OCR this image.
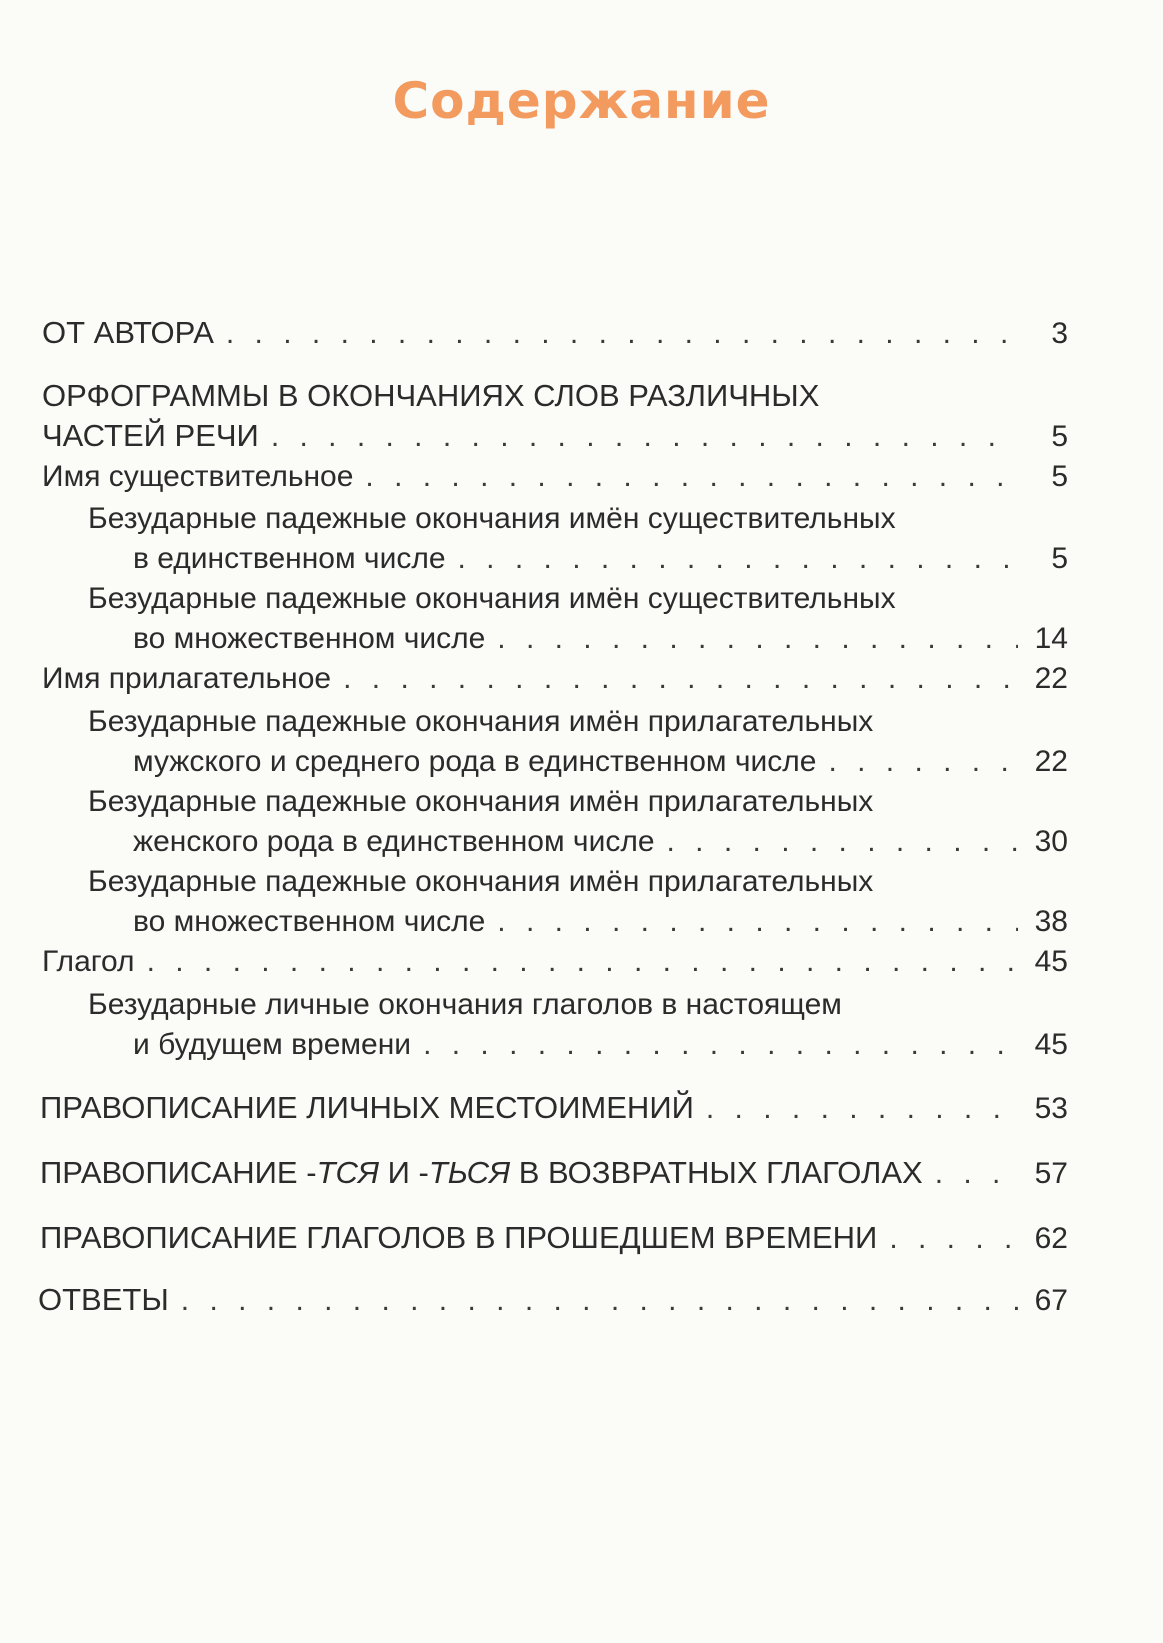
Содержание
ОТ АВТОРА . . .	3
ОРФОГРАММЫ В ОКОНЧАНИЯХ СЛОВ РАЗЛИЧНЫХ
ЧАСТЕЙ РЕЧИ . . .	5
Имя существительное . . .	5
Безударные падежные окончания имён существительных
в единственном числе . . .	5
Безударные падежные окончания имён существительных
во множественном числе . . .	14
Имя прилагательное . . .	22
Безударные падежные окончания имён прилагательных
мужского и среднего рода в единственном числе . . .	22
Безударные падежные окончания имён прилагательных
женского рода в единственном числе . . .	30
Безударные падежные окончания имён прилагательных
во множественном числе . . .	38
Глагол . . .	45
Безударные личные окончания глаголов в настоящем
и будущем времени . . .	45
ПРАВОПИСАНИЕ ЛИЧНЫХ МЕСТОИМЕНИЙ . . .	53
ПРАВОПИСАНИЕ -ТСЯ И -ТЬСЯ В ВОЗВРАТНЫХ ГЛАГОЛАХ . . .	57
ПРАВОПИСАНИЕ ГЛАГОЛОВ В ПРОШЕДШЕМ ВРЕМЕНИ . . .	62
ОТВЕТЫ . . .	67
